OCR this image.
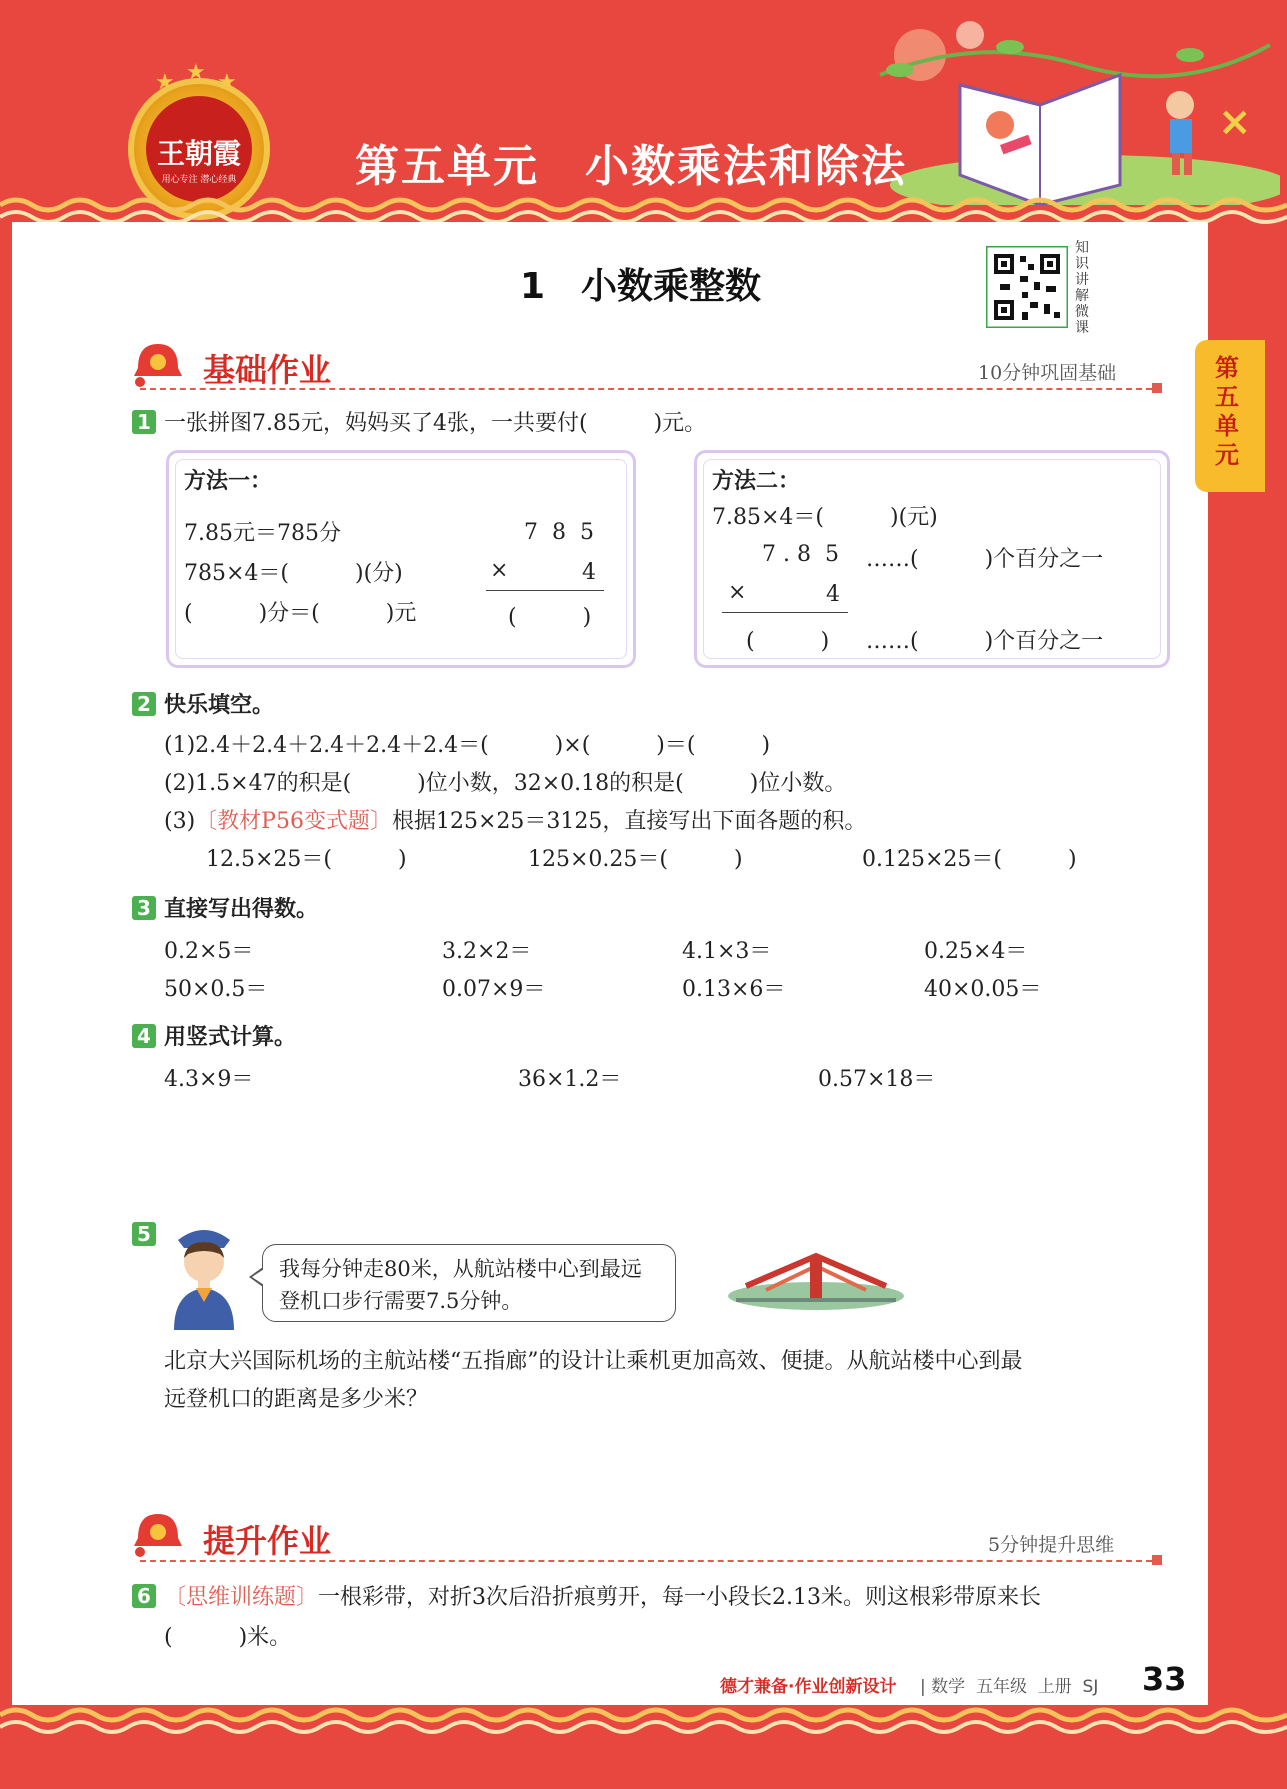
×
王朝霞
用心专注 潜心经典
★ ★ ★
第五单元　小数乘法和除法
第五单元
1　小数乘整数
知识讲解微课
基础作业	10分钟巩固基础
1 一张拼图7.85元，妈妈买了4张，一共要付(　　　)元。
方法一：
7.85元＝785分
785×4＝(　　　)(分)
(　　　)分＝(　　　)元
7  8  5
×	4
(　　　)
方法二：
7.85×4＝(　　　)(元)
7 . 8  5 ……(　　　)个百分之一
×	4
(　　　) ……(　　　)个百分之一
2 快乐填空。
(1)2.4＋2.4＋2.4＋2.4＋2.4＝(　　　)×(　　　)＝(　　　)
(2)1.5×47的积是(　　　)位小数，32×0.18的积是(　　　)位小数。
(3)〔教材P56变式题〕根据125×25＝3125，直接写出下面各题的积。
12.5×25＝(　　　)	125×0.25＝(　　　)	0.125×25＝(　　　)
3 直接写出得数。
0.2×5＝	3.2×2＝	4.1×3＝	0.25×4＝
50×0.5＝	0.07×9＝	0.13×6＝	40×0.05＝
4 用竖式计算。
4.3×9＝	36×1.2＝	0.57×18＝
5
我每分钟走80米，从航站楼中心到最远
登机口步行需要7.5分钟。
北京大兴国际机场的主航站楼“五指廊”的设计让乘机更加高效、便捷。从航站楼中心到最
远登机口的距离是多少米？
提升作业	5分钟提升思维
6 〔思维训练题〕一根彩带，对折3次后沿折痕剪开，每一小段长2.13米。则这根彩带原来长
(　　　)米。
德才兼备·作业创新设计 | 数学  五年级  上册  SJ 33
